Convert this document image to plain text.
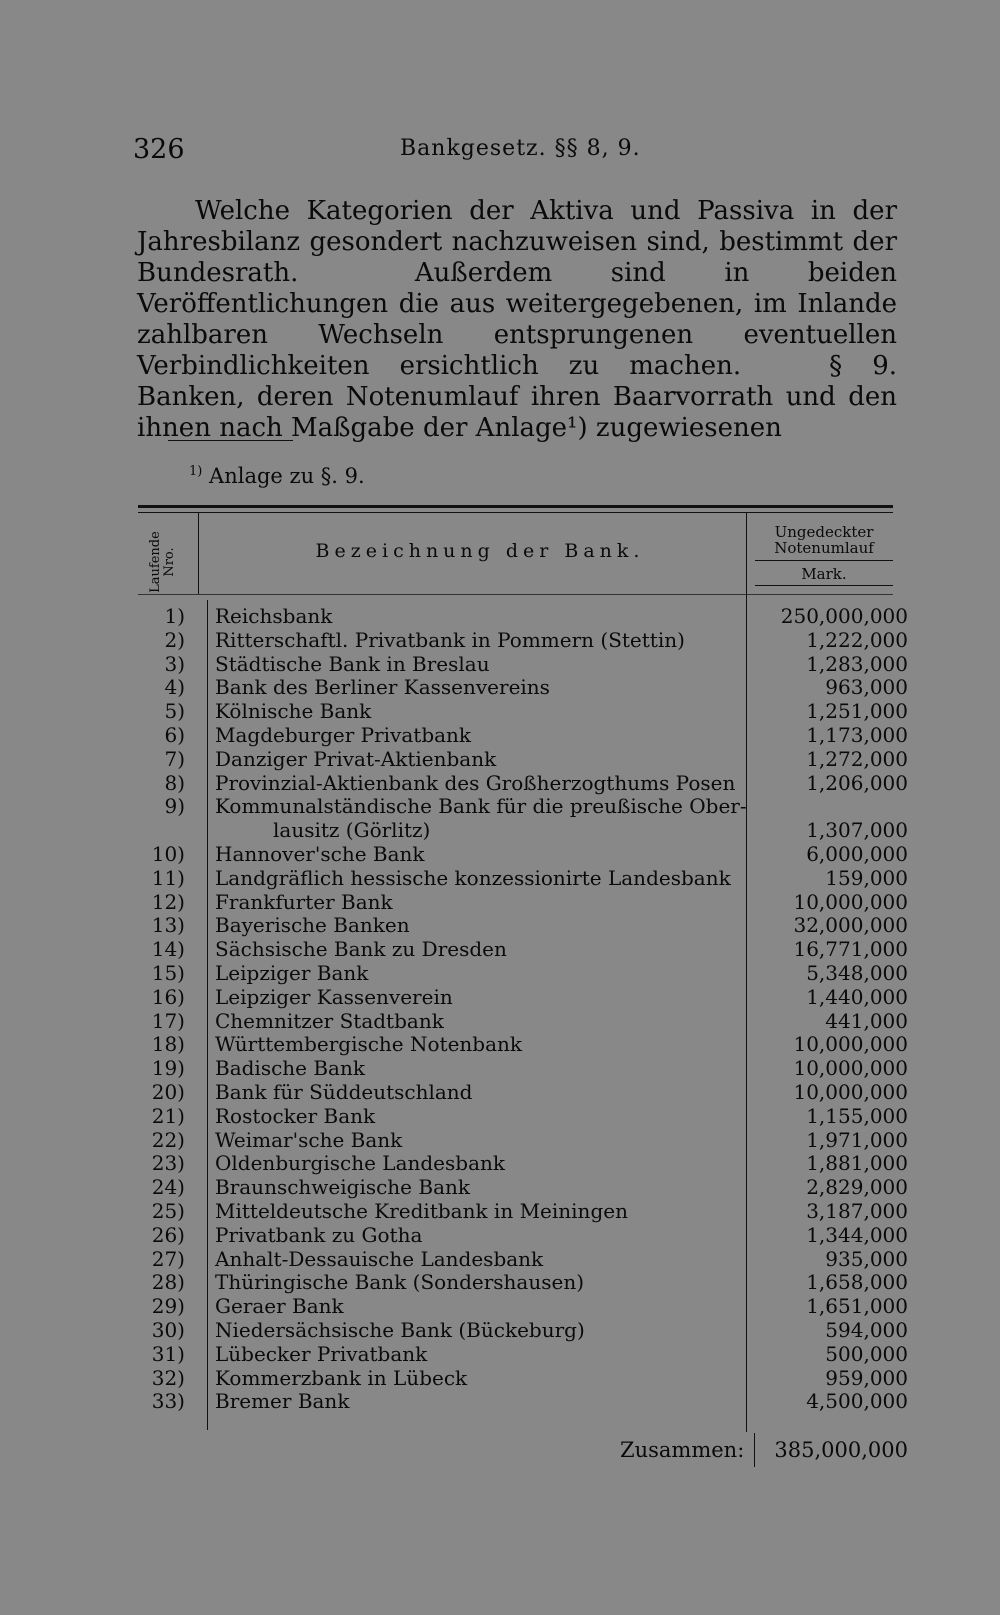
326	Bankgesetz. §§ 8, 9.

Welche Kategorien der Aktiva und Passiva in der Jahresbilanz gesondert nachzuweisen sind, bestimmt der Bundesrath.	Außerdem sind in beiden Veröffentlichungen die aus weitergegebenen, im Inlande zahlbaren Wechseln entsprungenen eventuellen Verbindlichkeiten ersichtlich zu machen.	§ 9. Banken, deren Notenumlauf ihren Baarvorrath und den ihnen nach Maßgabe der Anlage¹) zugewiesenen

$^{1)}$ Anlage zu §. 9.
Laufende Nro.	Bezeichnung der Bank.
Ungedeckter
Notenumlauf
Mark.
1) Reichsbank	250,000,000
2) Ritterschaftl. Privatbank in Pommern (Stettin)	1,222,000
3) Städtische Bank in Breslau	1,283,000
4) Bank des Berliner Kassenvereins	963,000
5) Kölnische Bank	1,251,000
6) Magdeburger Privatbank	1,173,000
7) Danziger Privat-Aktienbank	1,272,000
8) Provinzial-Aktienbank des Großherzogthums Posen	1,206,000
9) Kommunalständische Bank für die preußische Ober-
lausitz (Görlitz)	1,307,000
10) Hannover'sche Bank	6,000,000
11) Landgräflich hessische konzessionirte Landesbank	159,000
12) Frankfurter Bank	10,000,000
13) Bayerische Banken	32,000,000
14) Sächsische Bank zu Dresden	16,771,000
15) Leipziger Bank	5,348,000
16) Leipziger Kassenverein	1,440,000
17) Chemnitzer Stadtbank	441,000
18) Württembergische Notenbank	10,000,000
19) Badische Bank	10,000,000
20) Bank für Süddeutschland	10,000,000
21) Rostocker Bank	1,155,000
22) Weimar'sche Bank	1,971,000
23) Oldenburgische Landesbank	1,881,000
24) Braunschweigische Bank	2,829,000
25) Mitteldeutsche Kreditbank in Meiningen	3,187,000
26) Privatbank zu Gotha	1,344,000
27) Anhalt-Dessauische Landesbank	935,000
28) Thüringische Bank (Sondershausen)	1,658,000
29) Geraer Bank	1,651,000
30) Niedersächsische Bank (Bückeburg)	594,000
31) Lübecker Privatbank	500,000
32) Kommerzbank in Lübeck	959,000
33) Bremer Bank	4,500,000
Zusammen:	385,000,000
